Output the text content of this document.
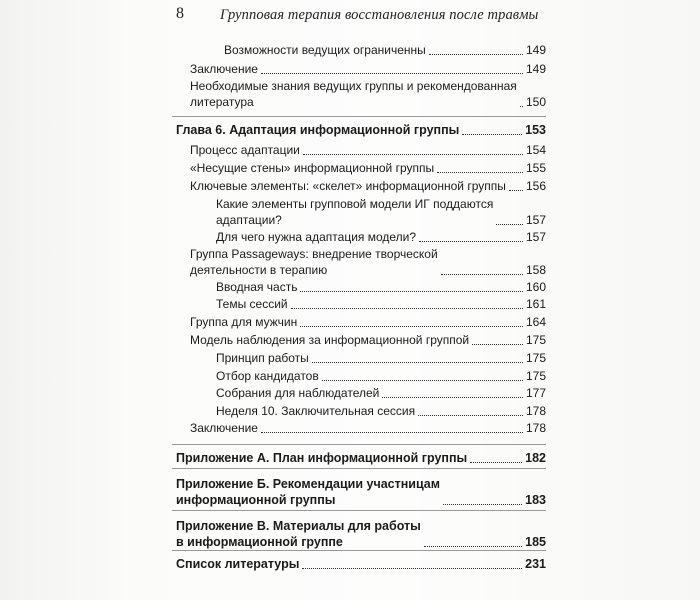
8 Групповая терапия восстановления после травмы
Возможности ведущих ограниченны	149
Заключение	149
Необходимые знания ведущих группы и рекомендованная
литература	150
Глава 6. Адаптация информационной группы	153
Процесс адаптации	154
«Несущие стены» информационной группы	155
Ключевые элементы: «скелет» информационной группы 156
Какие элементы групповой модели ИГ поддаются
адаптации?	157
Для чего нужна адаптация модели?	157
Группа Passageways: внедрение творческой
деятельности в терапию	158
Вводная часть	160
Темы сессий	161
Группа для мужчин	164
Модель наблюдения за информационной группой	175
Принцип работы	175
Отбор кандидатов	175
Собрания для наблюдателей	177
Неделя 10. Заключительная сессия	178
Заключение	178
Приложение А. План информационной группы	182
Приложение Б. Рекомендации участницам
информационной группы	183
Приложение В. Материалы для работы
в информационной группе	185
Список литературы	231
